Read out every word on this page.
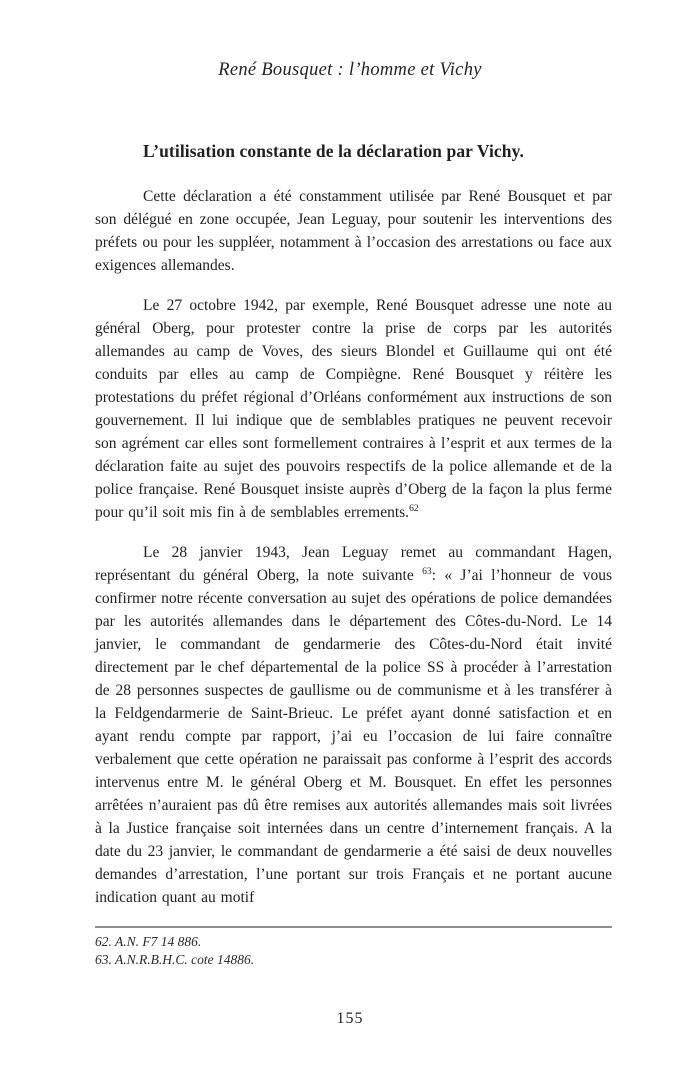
René Bousquet : l’homme et Vichy
L’utilisation constante de la déclaration par Vichy.

Cette déclaration a été constamment utilisée par René Bousquet et par son délégué en zone occupée, Jean Leguay, pour soutenir les interventions des préfets ou pour les suppléer, notamment à l’occasion des arrestations ou face aux exigences allemandes.

Le 27 octobre 1942, par exemple, René Bousquet adresse une note au général Oberg, pour protester contre la prise de corps par les autorités allemandes au camp de Voves, des sieurs Blondel et Guillaume qui ont été conduits par elles au camp de Compiègne. René Bousquet y réitère les protestations du préfet régional d’Orléans conformément aux instructions de son gouvernement. Il lui indique que de semblables pratiques ne peuvent recevoir son agrément car elles sont formellement contraires à l’esprit et aux termes de la déclaration faite au sujet des pouvoirs respectifs de la police allemande et de la police française. René Bousquet insiste auprès d’Oberg de la façon la plus ferme pour qu’il soit mis fin à de semblables errements.$^{62}$

Le 28 janvier 1943, Jean Leguay remet au commandant Hagen, représentant du général Oberg, la note suivante $^{63}$: « J’ai l’honneur de vous confirmer notre récente conversation au sujet des opérations de police demandées par les autorités allemandes dans le département des Côtes-du-Nord. Le 14 janvier, le commandant de gendarmerie des Côtes-du-Nord était invité directement par le chef départemental de la police SS à procéder à l’arrestation de 28 personnes suspectes de gaullisme ou de communisme et à les transférer à la Feldgendarmerie de Saint-Brieuc. Le préfet ayant donné satisfaction et en ayant rendu compte par rapport, j’ai eu l’occasion de lui faire connaître verbalement que cette opération ne paraissait pas conforme à l’esprit des accords intervenus entre M. le général Oberg et M. Bousquet. En effet les personnes arrêtées n’auraient pas dû être remises aux autorités allemandes mais soit livrées à la Justice française soit internées dans un centre d’internement français. A la date du 23 janvier, le commandant de gendarmerie a été saisi de deux nouvelles demandes d’arrestation, l’une portant sur trois Français et ne portant aucune indication quant au motif

62. A.N. F7 14 886.
63. A.N.R.B.H.C. cote 14886.
155
